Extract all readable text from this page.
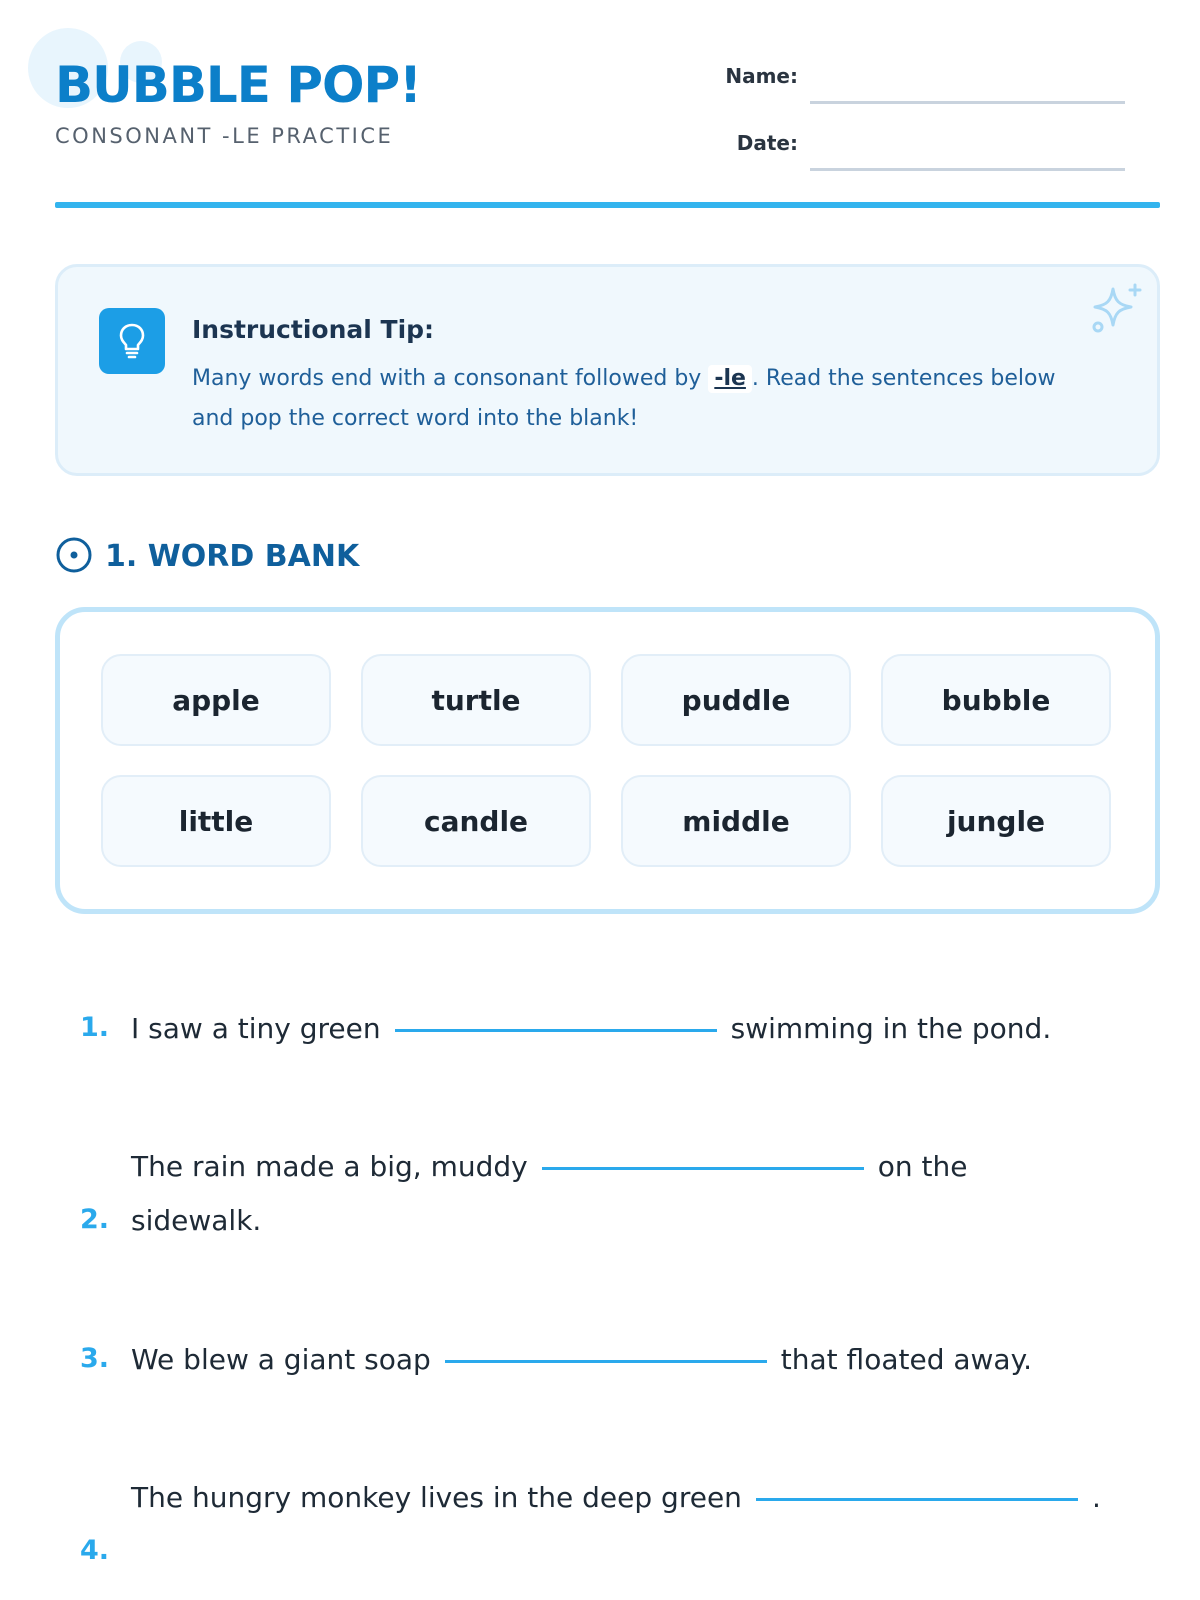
BUBBLE POP!
CONSONANT -LE PRACTICE
Name:
Date:
Instructional Tip:
Many words end with a consonant followed by -le . Read the sentences below and pop the correct word into the blank!
1. WORD BANK
apple	turtle	puddle	bubble
little	candle	middle	jungle
1. I saw a tiny green	swimming in the pond.
2.
The rain made a big, muddy	on the sidewalk.
3. We blew a giant soap	that floated away.
4.
The hungry monkey lives in the deep green	.
